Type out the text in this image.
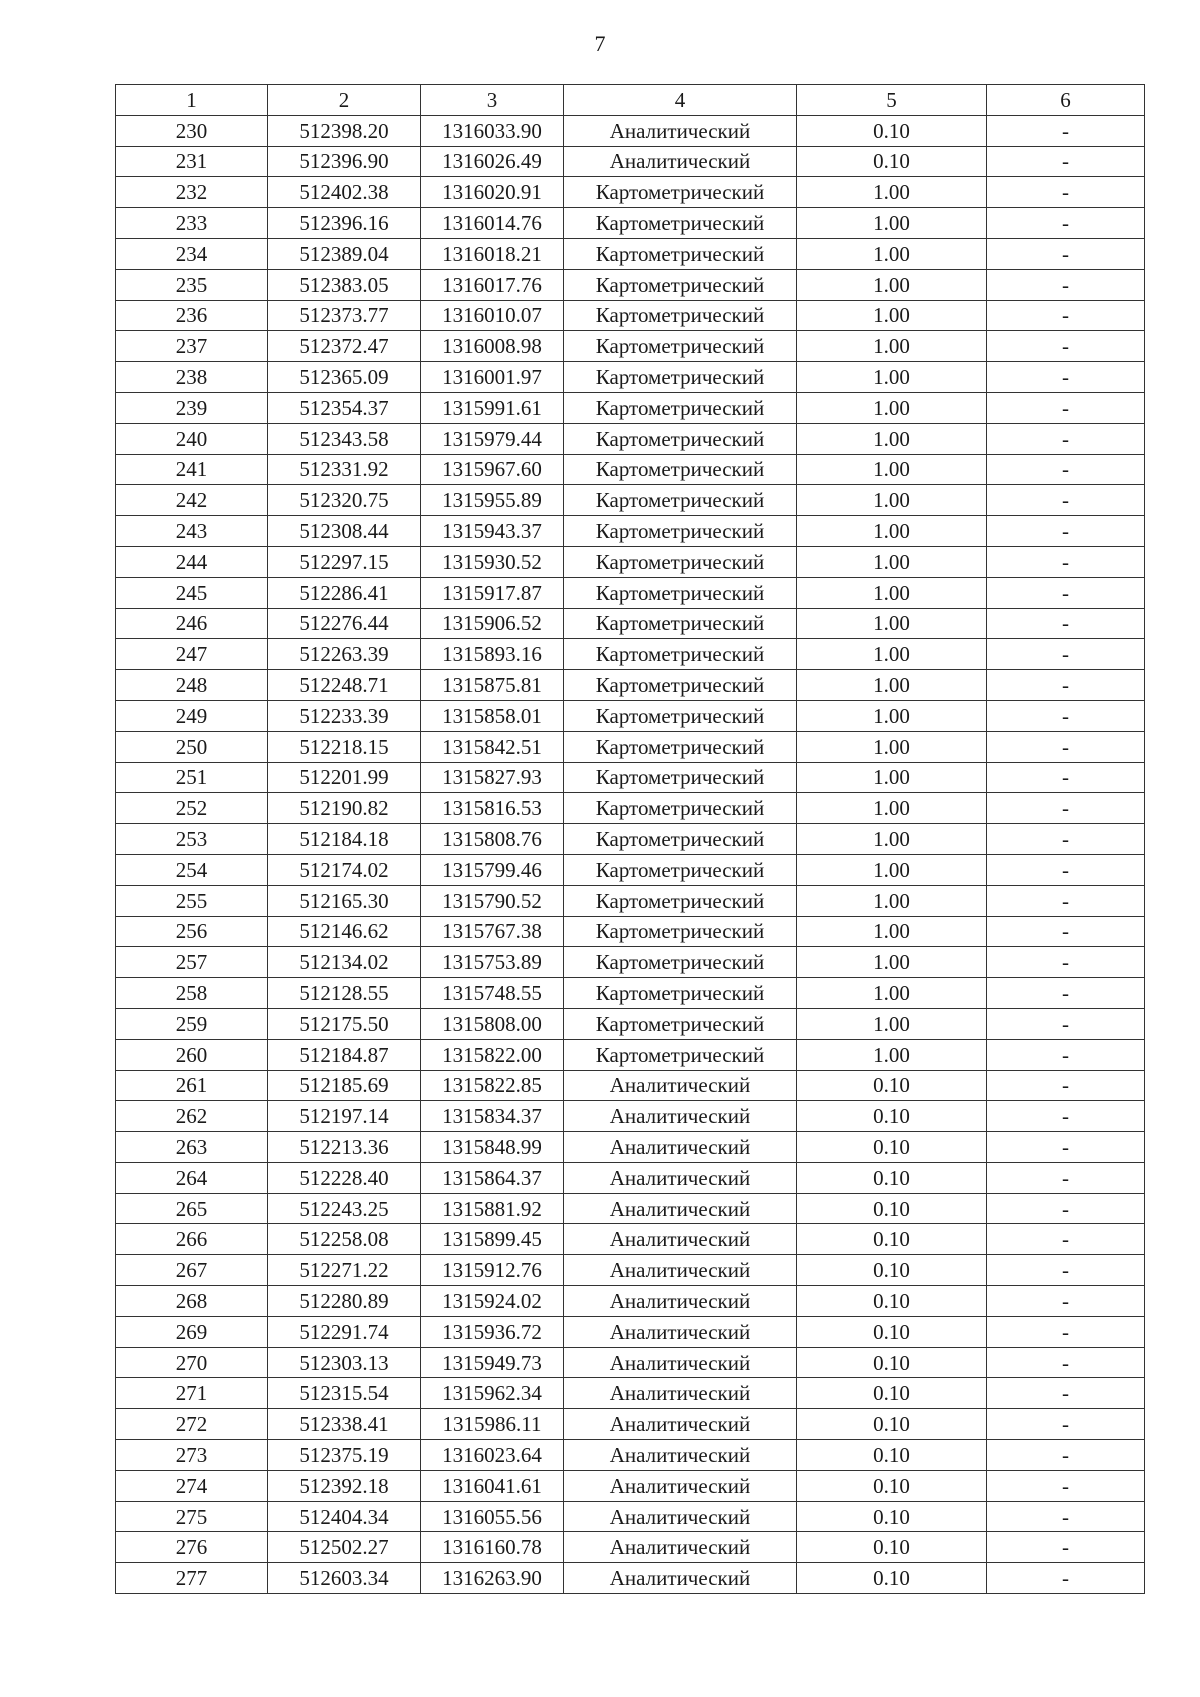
7
1	2	3	4	5	6
230	512398.20	1316033.90	Аналитический	0.10	-
231	512396.90	1316026.49	Аналитический	0.10	-
232	512402.38	1316020.91	Картометрический	1.00	-
233	512396.16	1316014.76	Картометрический	1.00	-
234	512389.04	1316018.21	Картометрический	1.00	-
235	512383.05	1316017.76	Картометрический	1.00	-
236	512373.77	1316010.07	Картометрический	1.00	-
237	512372.47	1316008.98	Картометрический	1.00	-
238	512365.09	1316001.97	Картометрический	1.00	-
239	512354.37	1315991.61	Картометрический	1.00	-
240	512343.58	1315979.44	Картометрический	1.00	-
241	512331.92	1315967.60	Картометрический	1.00	-
242	512320.75	1315955.89	Картометрический	1.00	-
243	512308.44	1315943.37	Картометрический	1.00	-
244	512297.15	1315930.52	Картометрический	1.00	-
245	512286.41	1315917.87	Картометрический	1.00	-
246	512276.44	1315906.52	Картометрический	1.00	-
247	512263.39	1315893.16	Картометрический	1.00	-
248	512248.71	1315875.81	Картометрический	1.00	-
249	512233.39	1315858.01	Картометрический	1.00	-
250	512218.15	1315842.51	Картометрический	1.00	-
251	512201.99	1315827.93	Картометрический	1.00	-
252	512190.82	1315816.53	Картометрический	1.00	-
253	512184.18	1315808.76	Картометрический	1.00	-
254	512174.02	1315799.46	Картометрический	1.00	-
255	512165.30	1315790.52	Картометрический	1.00	-
256	512146.62	1315767.38	Картометрический	1.00	-
257	512134.02	1315753.89	Картометрический	1.00	-
258	512128.55	1315748.55	Картометрический	1.00	-
259	512175.50	1315808.00	Картометрический	1.00	-
260	512184.87	1315822.00	Картометрический	1.00	-
261	512185.69	1315822.85	Аналитический	0.10	-
262	512197.14	1315834.37	Аналитический	0.10	-
263	512213.36	1315848.99	Аналитический	0.10	-
264	512228.40	1315864.37	Аналитический	0.10	-
265	512243.25	1315881.92	Аналитический	0.10	-
266	512258.08	1315899.45	Аналитический	0.10	-
267	512271.22	1315912.76	Аналитический	0.10	-
268	512280.89	1315924.02	Аналитический	0.10	-
269	512291.74	1315936.72	Аналитический	0.10	-
270	512303.13	1315949.73	Аналитический	0.10	-
271	512315.54	1315962.34	Аналитический	0.10	-
272	512338.41	1315986.11	Аналитический	0.10	-
273	512375.19	1316023.64	Аналитический	0.10	-
274	512392.18	1316041.61	Аналитический	0.10	-
275	512404.34	1316055.56	Аналитический	0.10	-
276	512502.27	1316160.78	Аналитический	0.10	-
277	512603.34	1316263.90	Аналитический	0.10	-
